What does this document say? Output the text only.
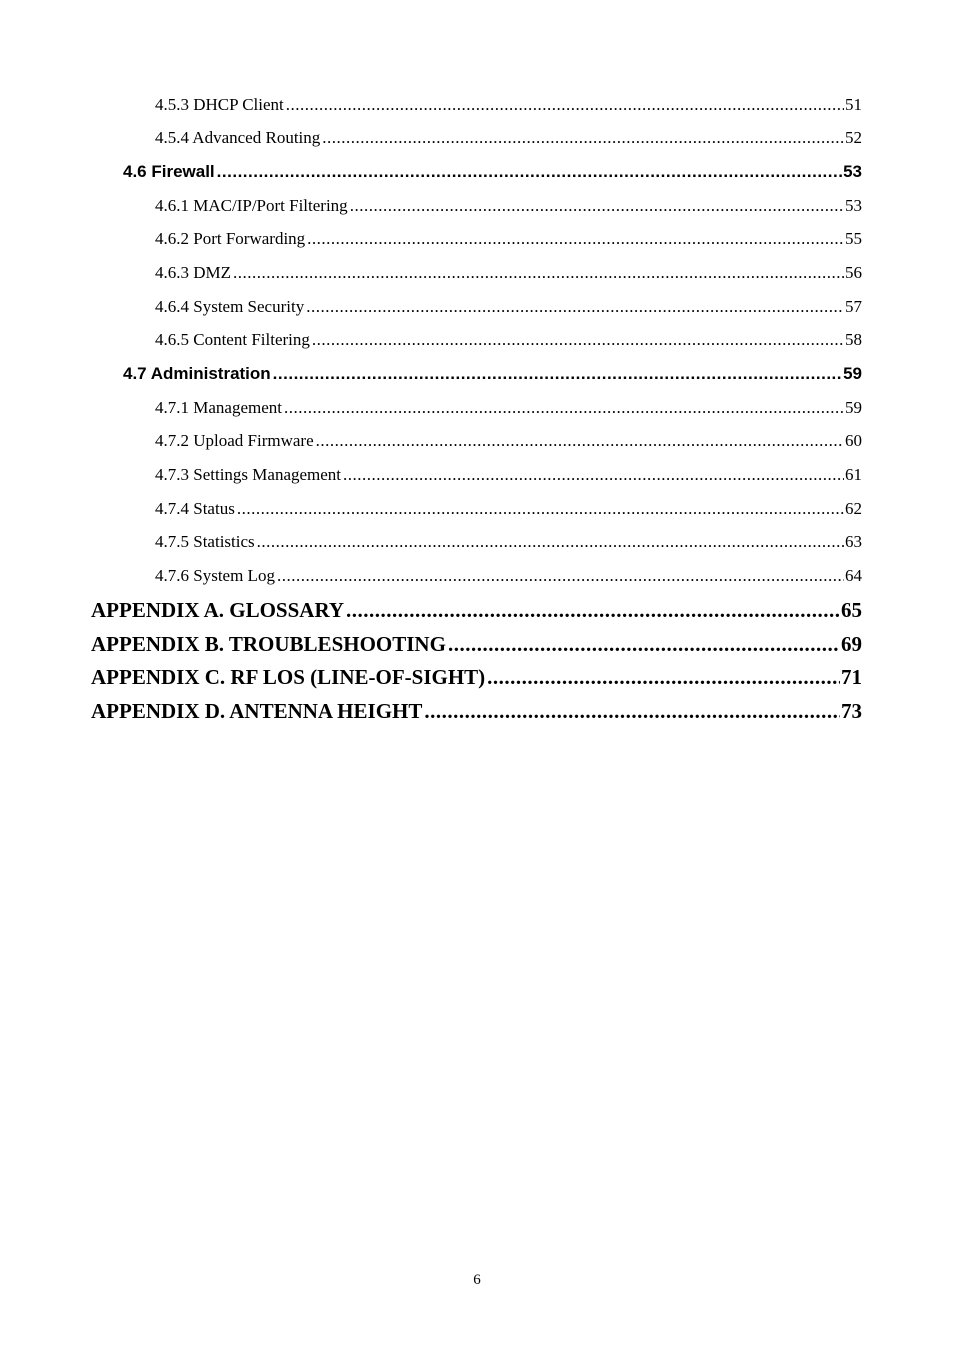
4.5.3 DHCP Client .....	51
4.5.4 Advanced Routing .....	52
4.6 Firewall .....	53
4.6.1 MAC/IP/Port Filtering .....	53
4.6.2 Port Forwarding .....	55
4.6.3 DMZ .....	56
4.6.4 System Security .....	57
4.6.5 Content Filtering .....	58
4.7 Administration .....	59
4.7.1 Management .....	59
4.7.2 Upload Firmware .....	60
4.7.3 Settings Management .....	61
4.7.4 Status .....	62
4.7.5 Statistics .....	63
4.7.6 System Log .....	64
APPENDIX A. GLOSSARY .....	65
APPENDIX B. TROUBLESHOOTING .....	69
APPENDIX C. RF LOS (LINE-OF-SIGHT) .....	71
APPENDIX D. ANTENNA HEIGHT .....	73
6
